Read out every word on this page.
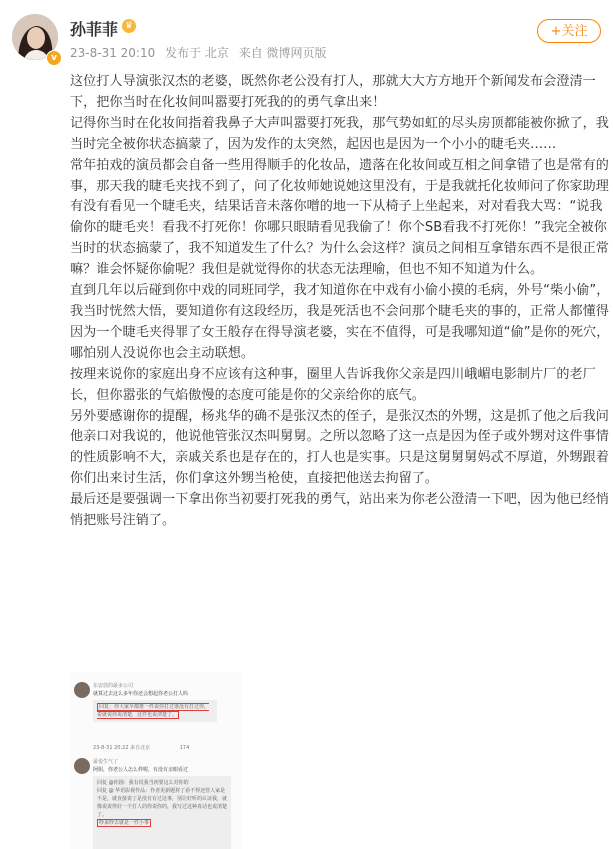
v
孙菲菲 ♛
23-8-31 20:10 发布于 北京 来自 微博网页版
+关注

这位打人导演张汉杰的老婆，既然你老公没有打人，那就大大方方地开个新闻发布会澄清一下，把你当时在化妆间叫嚣要打死我的的勇气拿出来！

记得你当时在化妆间指着我鼻子大声叫嚣要打死我，那气势如虹的尽头房顶都能被你掀了，我当时完全被你状态搞蒙了，因为发作的太突然，起因也是因为一个小小的睫毛夹……

常年拍戏的演员都会自备一些用得顺手的化妆品，遗落在化妆间或互相之间拿错了也是常有的事，那天我的睫毛夹找不到了，问了化妆师她说她这里没有，于是我就托化妆师问了你家助理有没有看见一个睫毛夹，结果话音未落你噌的地一下从椅子上坐起来，对对看我大骂：“说我偷你的睫毛夹！看我不打死你！你哪只眼睛看见我偷了！你个SB看我不打死你！”我完全被你当时的状态搞蒙了，我不知道发生了什么？为什么会这样？演员之间相互拿错东西不是很正常嘛？谁会怀疑你偷呢？我但是就觉得你的状态无法理喻，但也不知不知道为什么。

直到几年以后碰到你中戏的同班同学，我才知道你在中戏有小偷小摸的毛病，外号“柴小偷”，我当时恍然大悟，要知道你有这段经历，我是死活也不会问那个睫毛夹的事的，正常人都懂得因为一个睫毛夹得罪了女王般存在得导演老婆，实在不值得，可是我哪知道“偷”是你的死穴，哪怕别人没说你也会主动联想。

按理来说你的家庭出身不应该有这种事，圈里人告诉我你父亲是四川峨嵋电影制片厂的老厂长，但你嚣张的气焰傲慢的态度可能是你的父亲给你的底气。

另外要感谢你的提醒，杨兆华的确不是张汉杰的侄子，是张汉杰的外甥，这是抓了他之后我问他亲口对我说的，他说他管张汉杰叫舅舅。之所以忽略了这一点是因为侄子或外甥对这件事情的性质影响不大，亲戚关系也是存在的，打人也是实事。只是这舅舅舅妈忒不厚道，外甥跟着你们出来讨生活，你们拿这外甥当枪使，直接把他送去拘留了。

最后还是要强调一下拿出你当初要打死我的勇气，站出来为你老公澄清一下吧，因为他已经悄悄把账号注销了。

东安放的最多公司
就算过去这么多年你还会想起你老公打人吗
回复：你大家早都推一件说你打过谁没有打过你，说就说你说清楚，这件也说清楚了。
23-8-31 20:22 来自北京	174
最悦生气了
阿姐，你老公人怎么样呢，有没有亲眼看过
回复 @你剧：我有说我当初要这么对你的
回复 @ 华语影视作品：作者更新题材了看不得还管人家是不是，就直接说了是没有有过这事，别让好听的认证我，就像说说得好一个打人的你说你的，我写过这种真话也说清楚了。
吵来吵去就是一件小事
